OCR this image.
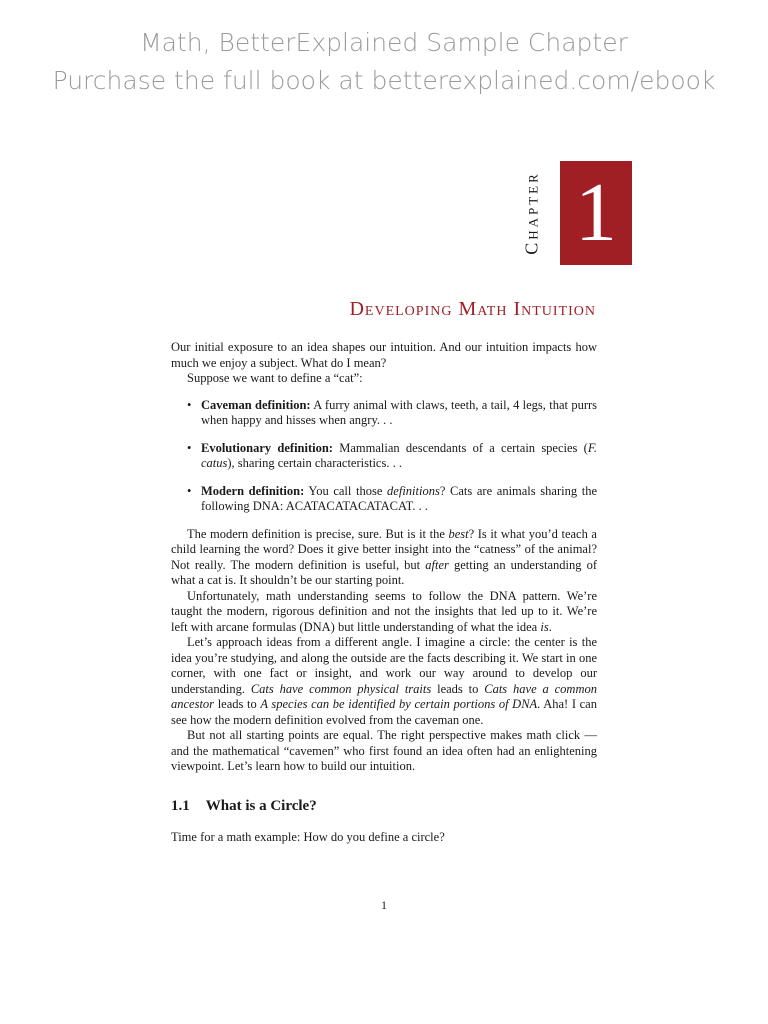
Math, BetterExplained Sample Chapter
Purchase the full book at betterexplained.com/ebook
Chapter 1
Developing Math Intuition

Our initial exposure to an idea shapes our intuition. And our intuition impacts how much we enjoy a subject. What do I mean?

Suppose we want to define a “cat”:

• Caveman definition: A furry animal with claws, teeth, a tail, 4 legs, that purrs when happy and hisses when angry. . .
• Evolutionary definition: Mammalian descendants of a certain species (F. catus), sharing certain characteristics. . .
• Modern definition: You call those definitions? Cats are animals sharing the following DNA: ACATACATACATACAT. . .

The modern definition is precise, sure. But is it the best? Is it what you’d teach a child learning the word? Does it give better insight into the “catness” of the animal? Not really. The modern definition is useful, but after getting an understanding of what a cat is. It shouldn’t be our starting point.

Unfortunately, math understanding seems to follow the DNA pattern. We’re taught the modern, rigorous definition and not the insights that led up to it. We’re left with arcane formulas (DNA) but little understanding of what the idea is.

Let’s approach ideas from a different angle. I imagine a circle: the center is the idea you’re studying, and along the outside are the facts describing it. We start in one corner, with one fact or insight, and work our way around to develop our understanding. Cats have common physical traits leads to Cats have a common ancestor leads to A species can be identified by certain portions of DNA. Aha! I can see how the modern definition evolved from the caveman one.

But not all starting points are equal. The right perspective makes math click — and the mathematical “cavemen” who first found an idea often had an enlightening viewpoint. Let’s learn how to build our intuition.

1.1 What is a Circle?

Time for a math example: How do you define a circle?

1
